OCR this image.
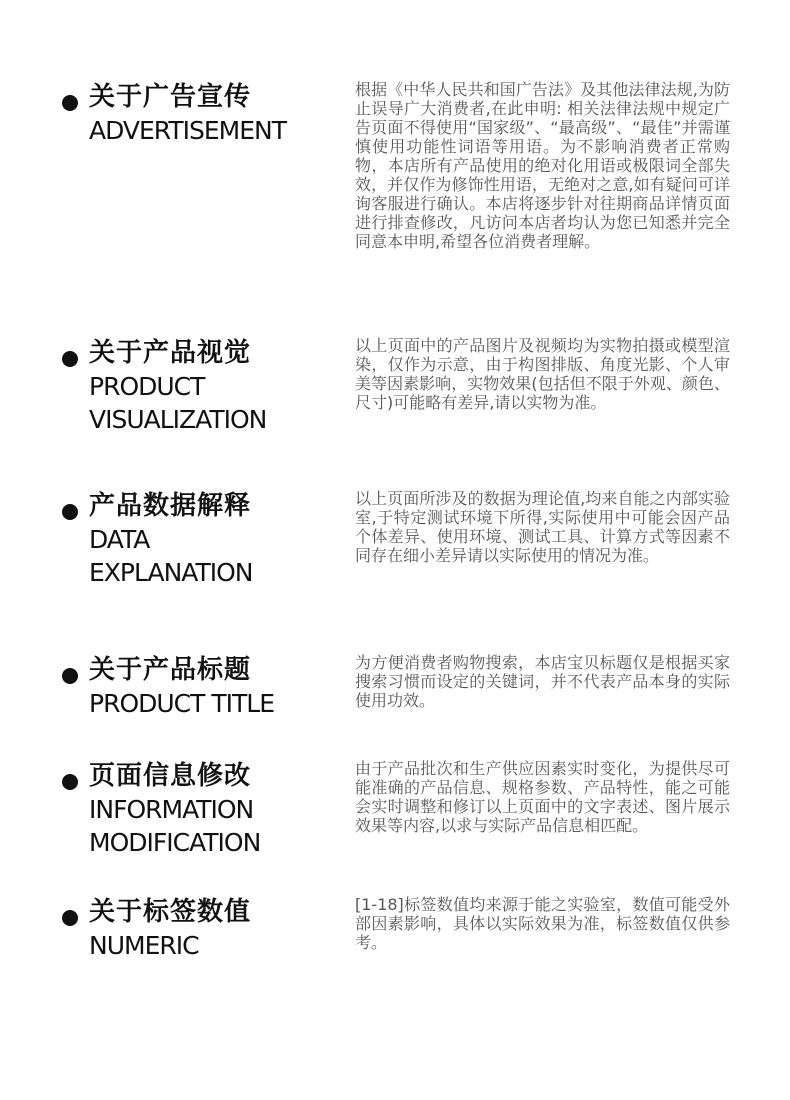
关于广告宣传
ADVERTISEMENT
根据《中华人民共和国广告法》及其他法律法规,为防止误导广大消费者,在此申明: 相关法律法规中规定广告页面不得使用“国家级”、“最高级”、“最佳”并需谨慎使用功能性词语等用语。为不影响消费者正常购物，本店所有产品使用的绝对化用语或极限词全部失效，并仅作为修饰性用语，无绝对之意,如有疑问可详询客服进行确认。本店将逐步针对往期商品详情页面进行排查修改，凡访问本店者均认为您已知悉并完全同意本申明,希望各位消费者理解。
关于产品视觉
PRODUCT
VISUALIZATION
以上页面中的产品图片及视频均为实物拍摄或模型渲染，仅作为示意，由于构图排版、角度光影、个人审美等因素影响，实物效果(包括但不限于外观、颜色、尺寸)可能略有差异,请以实物为准。
产品数据解释
DATA
EXPLANATION
以上页面所涉及的数据为理论值,均来自能之内部实验室,于特定测试环境下所得,实际使用中可能会因产品个体差异、使用环境、测试工具、计算方式等因素不同存在细小差异请以实际使用的情况为准。
关于产品标题
PRODUCT TITLE
为方便消费者购物搜索，本店宝贝标题仅是根据买家搜索习惯而设定的关键词，并不代表产品本身的实际使用功效。
页面信息修改
INFORMATION
MODIFICATION
由于产品批次和生产供应因素实时变化，为提供尽可能准确的产品信息、规格参数、产品特性，能之可能会实时调整和修订以上页面中的文字表述、图片展示效果等内容,以求与实际产品信息相匹配。
关于标签数值
NUMERIC
[1-18]标签数值均来源于能之实验室，数值可能受外部因素影响，具体以实际效果为准，标签数值仅供参考。
